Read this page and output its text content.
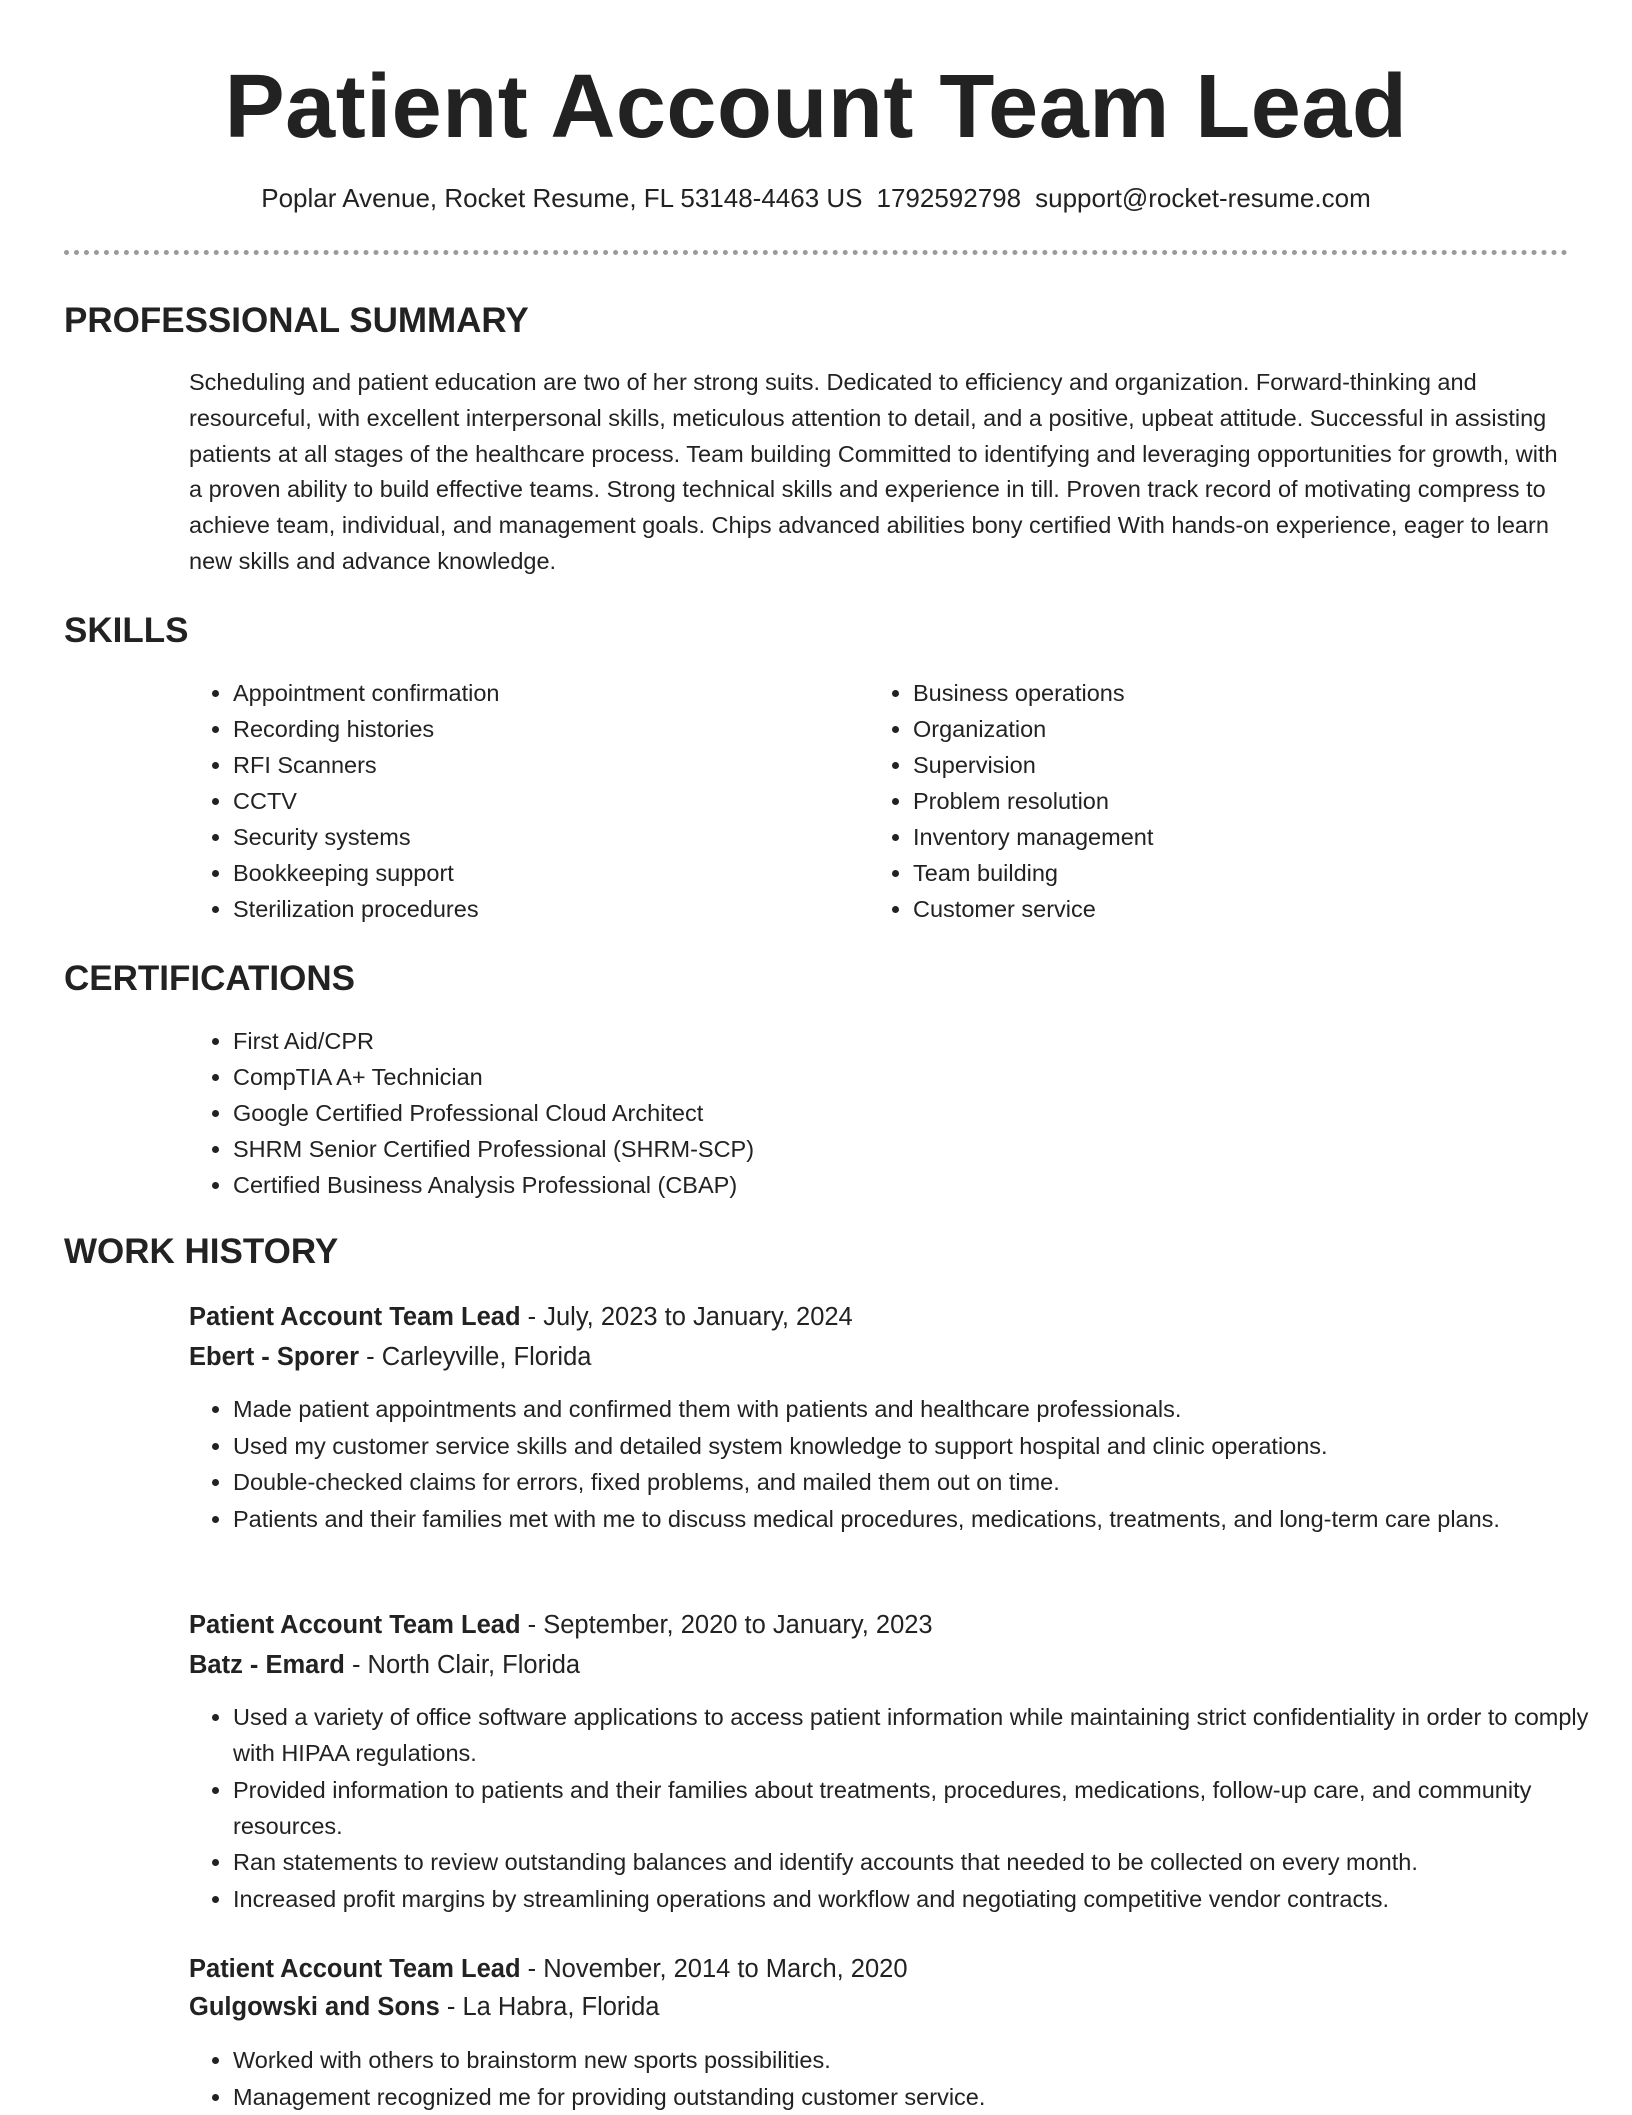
Patient Account Team Lead
Poplar Avenue, Rocket Resume, FL 53148-4463 US 1792592798 support@rocket-resume.com
PROFESSIONAL SUMMARY

Scheduling and patient education are two of her strong suits. Dedicated to efficiency and organization. Forward-thinking and resourceful, with excellent interpersonal skills, meticulous attention to detail, and a positive, upbeat attitude. Successful in assisting patients at all stages of the healthcare process. Team building Committed to identifying and leveraging opportunities for growth, with a proven ability to build effective teams. Strong technical skills and experience in till. Proven track record of motivating compress to achieve team, individual, and management goals. Chips advanced abilities bony certified With hands-on experience, eager to learn new skills and advance knowledge.

SKILLS
• Appointment confirmation
• Recording histories
• RFI Scanners
• CCTV
• Security systems
• Bookkeeping support
• Sterilization procedures
• Business operations
• Organization
• Supervision
• Problem resolution
• Inventory management
• Team building
• Customer service
CERTIFICATIONS
• First Aid/CPR
• CompTIA A+ Technician
• Google Certified Professional Cloud Architect
• SHRM Senior Certified Professional (SHRM-SCP)
• Certified Business Analysis Professional (CBAP)
WORK HISTORY
Patient Account Team Lead - July, 2023 to January, 2024
Ebert - Sporer - Carleyville, Florida
• Made patient appointments and confirmed them with patients and healthcare professionals.
• Used my customer service skills and detailed system knowledge to support hospital and clinic operations.
• Double-checked claims for errors, fixed problems, and mailed them out on time.
• Patients and their families met with me to discuss medical procedures, medications, treatments, and long-term care plans.
Patient Account Team Lead - September, 2020 to January, 2023
Batz - Emard - North Clair, Florida
• Used a variety of office software applications to access patient information while maintaining strict confidentiality in order to comply with HIPAA regulations.
• Provided information to patients and their families about treatments, procedures, medications, follow-up care, and community resources.
• Ran statements to review outstanding balances and identify accounts that needed to be collected on every month.
• Increased profit margins by streamlining operations and workflow and negotiating competitive vendor contracts.
Patient Account Team Lead - November, 2014 to March, 2020
Gulgowski and Sons - La Habra, Florida
• Worked with others to brainstorm new sports possibilities.
• Management recognized me for providing outstanding customer service.
